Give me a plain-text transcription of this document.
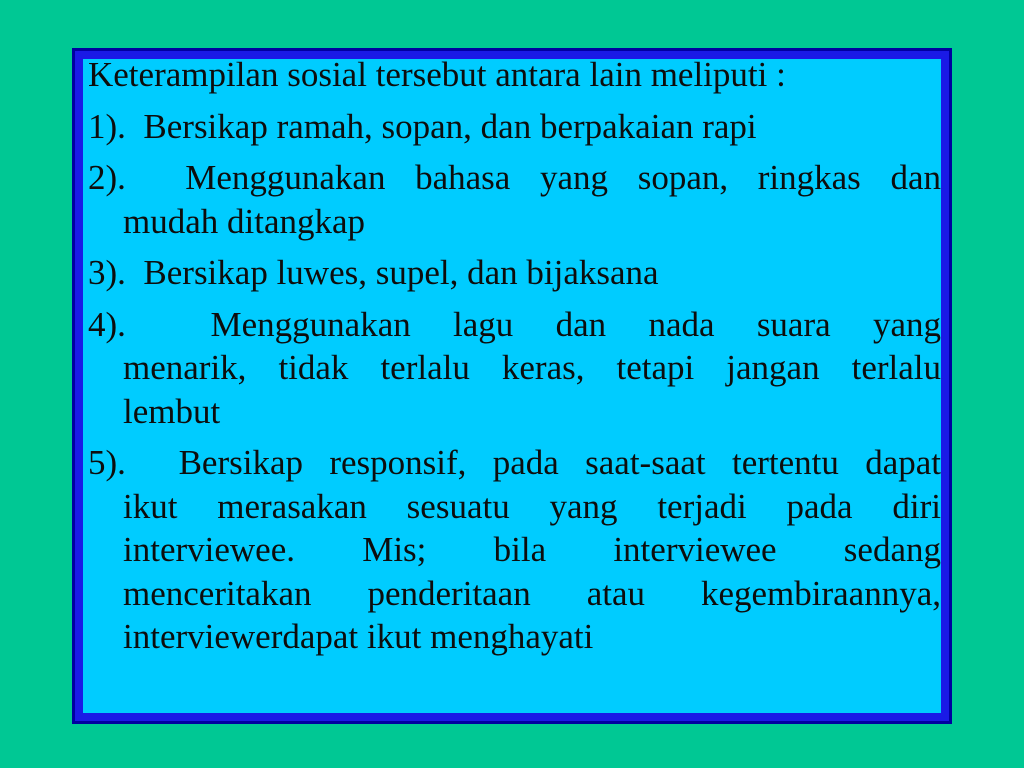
Keterampilan sosial tersebut antara lain meliputi :
1).  Bersikap ramah, sopan, dan berpakaian rapi
2).  Menggunakan bahasa yang sopan, ringkas dan
mudah ditangkap
3).  Bersikap luwes, supel, dan bijaksana
4).  Menggunakan lagu dan nada suara yang
menarik, tidak terlalu keras, tetapi jangan terlalu
lembut
5).  Bersikap responsif, pada saat-saat tertentu dapat
ikut merasakan sesuatu yang terjadi pada diri
interviewee. Mis; bila interviewee sedang
menceritakan penderitaan atau kegembiraannya,
interviewerdapat ikut menghayati
